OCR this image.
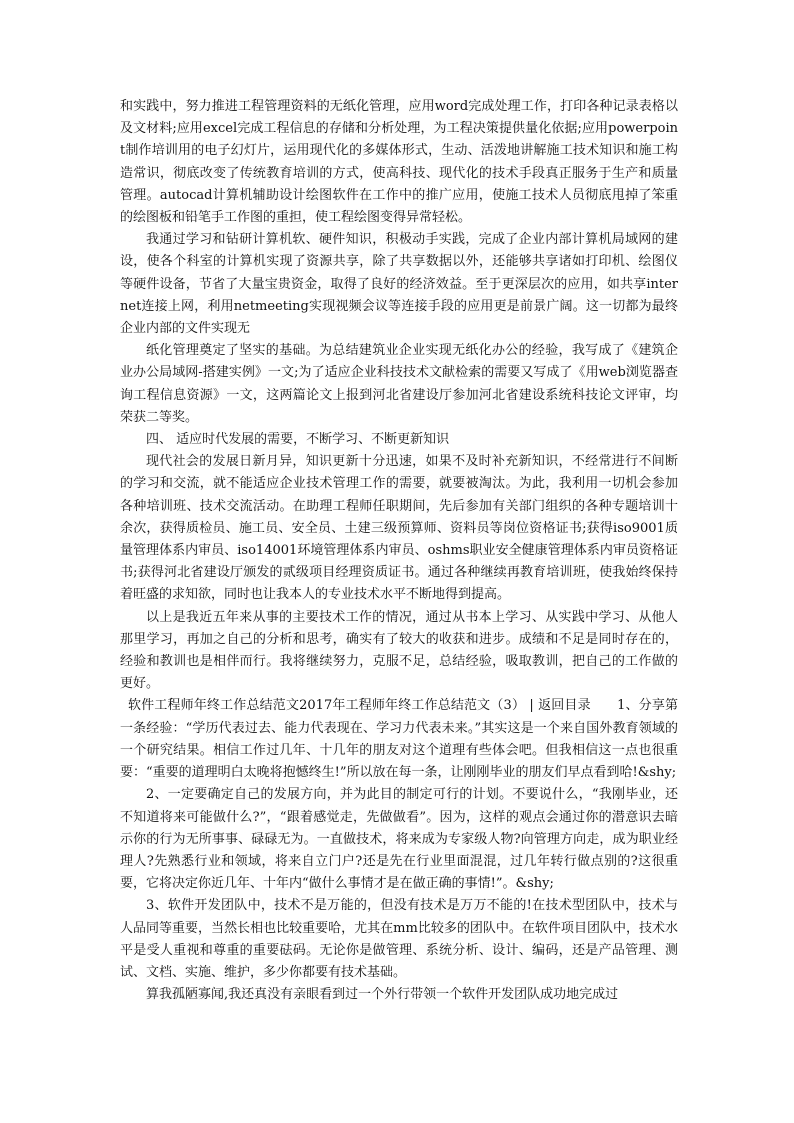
和实践中，努力推进工程管理资料的无纸化管理，应用word完成处理工作，打印各种记录表格以及文材料;应用excel完成工程信息的存储和分析处理，为工程决策提供量化依据;应用powerpoint制作培训用的电子幻灯片，运用现代化的多媒体形式，生动、活泼地讲解施工技术知识和施工构造常识，彻底改变了传统教育培训的方式，使高科技、现代化的技术手段真正服务于生产和质量管理。autocad计算机辅助设计绘图软件在工作中的推广应用，使施工技术人员彻底甩掉了笨重的绘图板和铅笔手工作图的重担，使工程绘图变得异常轻松。

我通过学习和钻研计算机软、硬件知识，积极动手实践，完成了企业内部计算机局域网的建设，使各个科室的计算机实现了资源共享，除了共享数据以外，还能够共享诸如打印机、绘图仪等硬件设备，节省了大量宝贵资金，取得了良好的经济效益。至于更深层次的应用，如共享internet连接上网，利用netmeeting实现视频会议等连接手段的应用更是前景广阔。这一切都为最终企业内部的文件实现无

纸化管理奠定了坚实的基础。为总结建筑业企业实现无纸化办公的经验，我写成了《建筑企业办公局域网-搭建实例》一文;为了适应企业科技技术文献检索的需要又写成了《用web浏览器查询工程信息资源》一文，这两篇论文上报到河北省建设厅参加河北省建设系统科技论文评审，均荣获二等奖。

四、 适应时代发展的需要，不断学习、不断更新知识

现代社会的发展日新月异，知识更新十分迅速，如果不及时补充新知识，不经常进行不间断的学习和交流，就不能适应企业技术管理工作的需要，就要被淘汰。为此，我利用一切机会参加各种培训班、技术交流活动。在助理工程师任职期间，先后参加有关部门组织的各种专题培训十余次，获得质检员、施工员、安全员、土建三级预算师、资料员等岗位资格证书;获得iso9001质量管理体系内审员、iso14001环境管理体系内审员、oshms职业安全健康管理体系内审员资格证书;获得河北省建设厅颁发的贰级项目经理资质证书。通过各种继续再教育培训班，使我始终保持着旺盛的求知欲，同时也让我本人的专业技术水平不断地得到提高。

以上是我近五年来从事的主要技术工作的情况，通过从书本上学习、从实践中学习、从他人那里学习，再加之自己的分析和思考，确实有了较大的收获和进步。成绩和不足是同时存在的，经验和教训也是相伴而行。我将继续努力，克服不足，总结经验，吸取教训，把自己的工作做的更好。

软件工程师年终工作总结范文2017年工程师年终工作总结范文（3） | 返回目录　　1、分享第一条经验：“学历代表过去、能力代表现在、学习力代表未来。”其实这是一个来自国外教育领域的一个研究结果。相信工作过几年、十几年的朋友对这个道理有些体会吧。但我相信这一点也很重要：“重要的道理明白太晚将抱憾终生!”所以放在每一条，让刚刚毕业的朋友们早点看到哈!&shy;

2、一定要确定自己的发展方向，并为此目的制定可行的计划。不要说什么，“我刚毕业，还不知道将来可能做什么?”，“跟着感觉走，先做做看”。因为，这样的观点会通过你的潜意识去暗示你的行为无所事事、碌碌无为。一直做技术，将来成为专家级人物?向管理方向走，成为职业经理人?先熟悉行业和领域，将来自立门户?还是先在行业里面混混，过几年转行做点别的?这很重要，它将决定你近几年、十年内“做什么事情才是在做正确的事情!”。&shy;

3、软件开发团队中，技术不是万能的，但没有技术是万万不能的!在技术型团队中，技术与人品同等重要，当然长相也比较重要哈，尤其在mm比较多的团队中。在软件项目团队中，技术水平是受人重视和尊重的重要砝码。无论你是做管理、系统分析、设计、编码，还是产品管理、测试、文档、实施、维护，多少你都要有技术基础。

算我孤陋寡闻,我还真没有亲眼看到过一个外行带领一个软件开发团队成功地完成过
